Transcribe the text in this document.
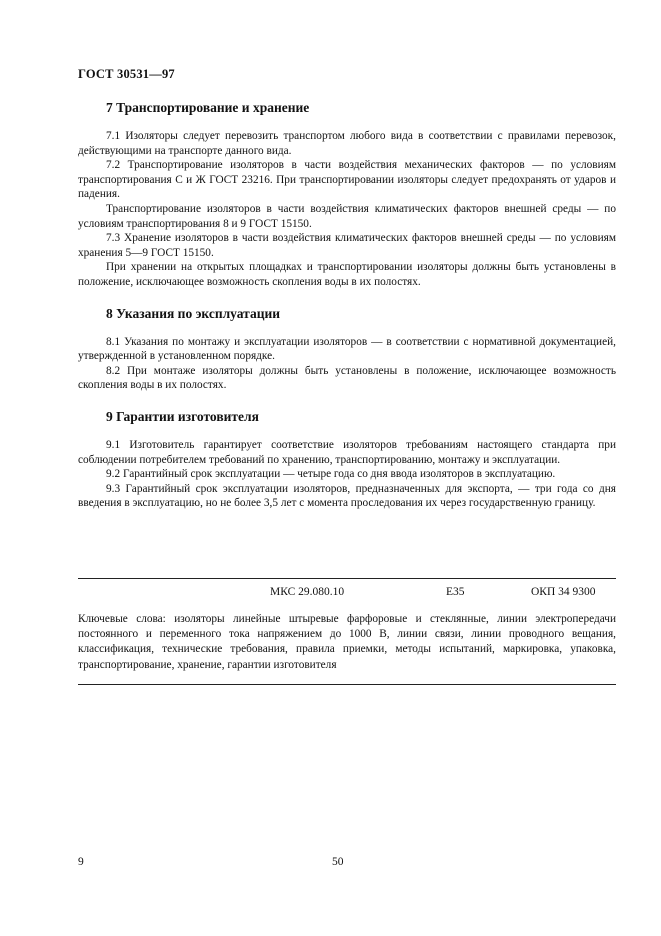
ГОСТ 30531—97
7 Транспортирование и хранение

7.1 Изоляторы следует перевозить транспортом любого вида в соответствии с правилами перевозок, действующими на транспорте данного вида.

7.2 Транспортирование изоляторов в части воздействия механических факторов — по условиям транспортирования С и Ж ГОСТ 23216. При транспортировании изоляторы следует предохранять от ударов и падения.

Транспортирование изоляторов в части воздействия климатических факторов внешней среды — по условиям транспортирования 8 и 9 ГОСТ 15150.

7.3 Хранение изоляторов в части воздействия климатических факторов внешней среды — по условиям хранения 5—9 ГОСТ 15150.

При хранении на открытых площадках и транспортировании изоляторы должны быть установлены в положение, исключающее возможность скопления воды в их полостях.

8 Указания по эксплуатации

8.1 Указания по монтажу и эксплуатации изоляторов — в соответствии с нормативной документацией, утвержденной в установленном порядке.

8.2 При монтаже изоляторы должны быть установлены в положение, исключающее возможность скопления воды в их полостях.

9 Гарантии изготовителя

9.1 Изготовитель гарантирует соответствие изоляторов требованиям настоящего стандарта при соблюдении потребителем требований по хранению, транспортированию, монтажу и эксплуатации.

9.2 Гарантийный срок эксплуатации — четыре года со дня ввода изоляторов в эксплуатацию.

9.3 Гарантийный срок эксплуатации изоляторов, предназначенных для экспорта, — три года со дня введения в эксплуатацию, но не более 3,5 лет с момента проследования их через государственную границу.

МКС 29.080.10	Е35	ОКП 34 9300

Ключевые слова: изоляторы линейные штыревые фарфоровые и стеклянные, линии электропередачи постоянного и переменного тока напряжением до 1000 В, линии связи, линии проводного вещания, классификация, технические требования, правила приемки, методы испытаний, маркировка, упаковка, транспортирование, хранение, гарантии изготовителя

9	50
